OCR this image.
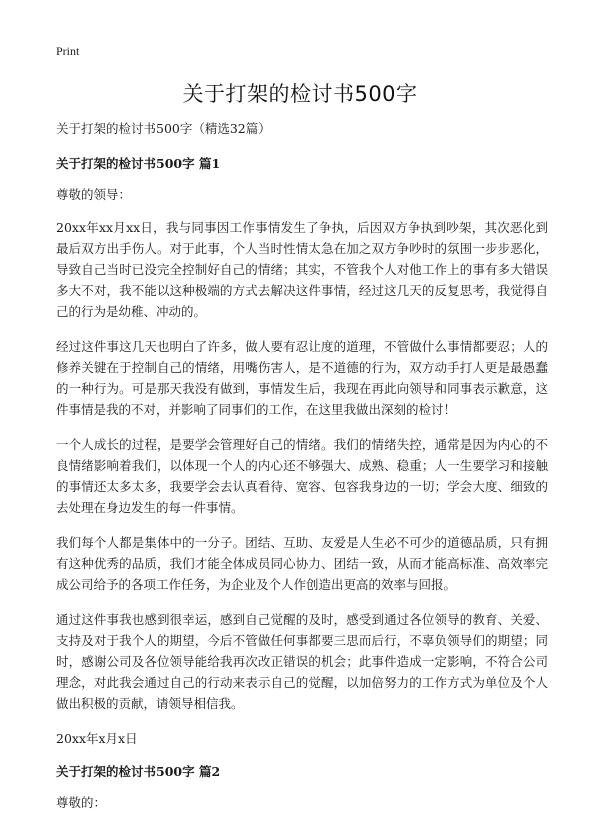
Print
关于打架的检讨书500字

关于打架的检讨书500字（精选32篇）

关于打架的检讨书500字 篇1

尊敬的领导：

20xx年xx月xx日，我与同事因工作事情发生了争执，后因双方争执到吵架，其次恶化到最后双方出手伤人。对于此事，个人当时性情太急在加之双方争吵时的氛围一步步恶化，导致自己当时已没完全控制好自己的情绪；其实，不管我个人对他工作上的事有多大错误多大不对，我不能以这种极端的方式去解决这件事情，经过这几天的反复思考，我觉得自己的行为是幼稚、冲动的。

经过这件事这几天也明白了许多，做人要有忍让度的道理，不管做什么事情都要忍；人的修养关键在于控制自己的情绪，用嘴伤害人，是不道德的行为，双方动手打人更是最愚蠢的一种行为。可是那天我没有做到，事情发生后，我现在再此向领导和同事表示歉意，这件事情是我的不对，并影响了同事们的工作，在这里我做出深刻的检讨！

一个人成长的过程，是要学会管理好自己的情绪。我们的情绪失控，通常是因为内心的不良情绪影响着我们，以体现一个人的内心还不够强大、成熟、稳重；人一生要学习和接触的事情还太多太多，我要学会去认真看待、宽容、包容我身边的一切；学会大度、细致的去处理在身边发生的每一件事情。

我们每个人都是集体中的一分子。团结、互助、友爱是人生必不可少的道德品质，只有拥有这种优秀的品质，我们才能全体成员同心协力、团结一致，从而才能高标准、高效率完成公司给予的各项工作任务，为企业及个人作创造出更高的效率与回报。

通过这件事我也感到很幸运，感到自己觉醒的及时，感受到通过各位领导的教育、关爱、支持及对于我个人的期望，今后不管做任何事都要三思而后行，不辜负领导们的期望；同时，感谢公司及各位领导能给我再次改正错误的机会；此事件造成一定影响，不符合公司理念，对此我会通过自己的行动来表示自己的觉醒，以加倍努力的工作方式为单位及个人做出积极的贡献，请领导相信我。

20xx年x月x日

关于打架的检讨书500字 篇2

尊敬的：
